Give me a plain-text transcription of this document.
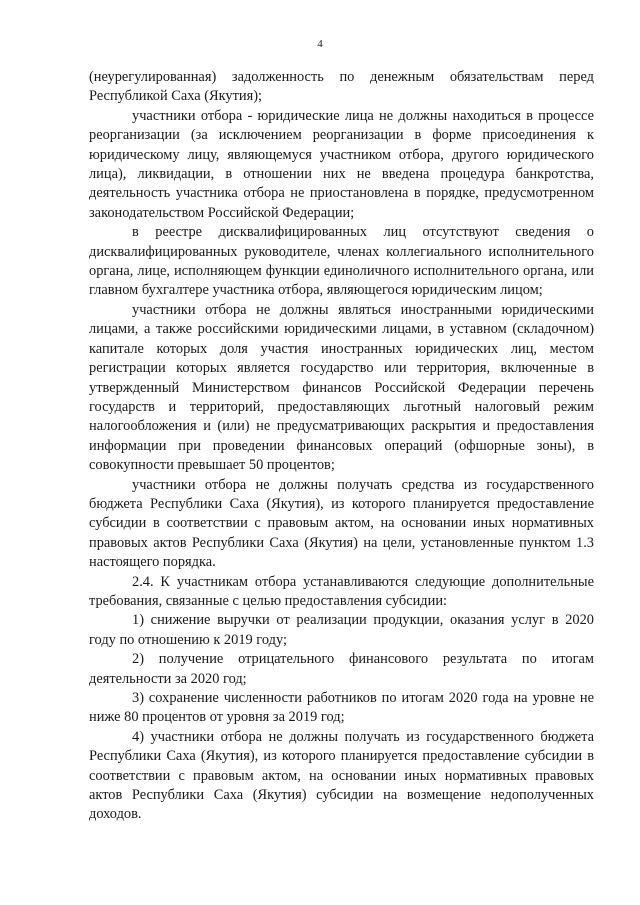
4

(неурегулированная) задолженность по денежным обязательствам перед Республикой Саха (Якутия);

участники отбора - юридические лица не должны находиться в процессе реорганизации (за исключением реорганизации в форме присоединения к юридическому лицу, являющемуся участником отбора, другого юридического лица), ликвидации, в отношении них не введена процедура банкротства, деятельность участника отбора не приостановлена в порядке, предусмотренном законодательством Российской Федерации;

в реестре дисквалифицированных лиц отсутствуют сведения о дисквалифицированных руководителе, членах коллегиального исполнительного органа, лице, исполняющем функции единоличного исполнительного органа, или главном бухгалтере участника отбора, являющегося юридическим лицом;

участники отбора не должны являться иностранными юридическими лицами, а также российскими юридическими лицами, в уставном (складочном) капитале которых доля участия иностранных юридических лиц, местом регистрации которых является государство или территория, включенные в утвержденный Министерством финансов Российской Федерации перечень государств и территорий, предоставляющих льготный налоговый режим налогообложения и (или) не предусматривающих раскрытия и предоставления информации при проведении финансовых операций (офшорные зоны), в совокупности превышает 50 процентов;

участники отбора не должны получать средства из государственного бюджета Республики Саха (Якутия), из которого планируется предоставление субсидии в соответствии с правовым актом, на основании иных нормативных правовых актов Республики Саха (Якутия) на цели, установленные пунктом 1.3 настоящего порядка.

2.4. К участникам отбора устанавливаются следующие дополнительные требования, связанные с целью предоставления субсидии:

1) снижение выручки от реализации продукции, оказания услуг в 2020 году по отношению к 2019 году;

2) получение отрицательного финансового результата по итогам деятельности за 2020 год;

3) сохранение численности работников по итогам 2020 года на уровне не ниже 80 процентов от уровня за 2019 год;

4) участники отбора не должны получать из государственного бюджета Республики Саха (Якутия), из которого планируется предоставление субсидии в соответствии с правовым актом, на основании иных нормативных правовых актов Республики Саха (Якутия) субсидии на возмещение недополученных доходов.
